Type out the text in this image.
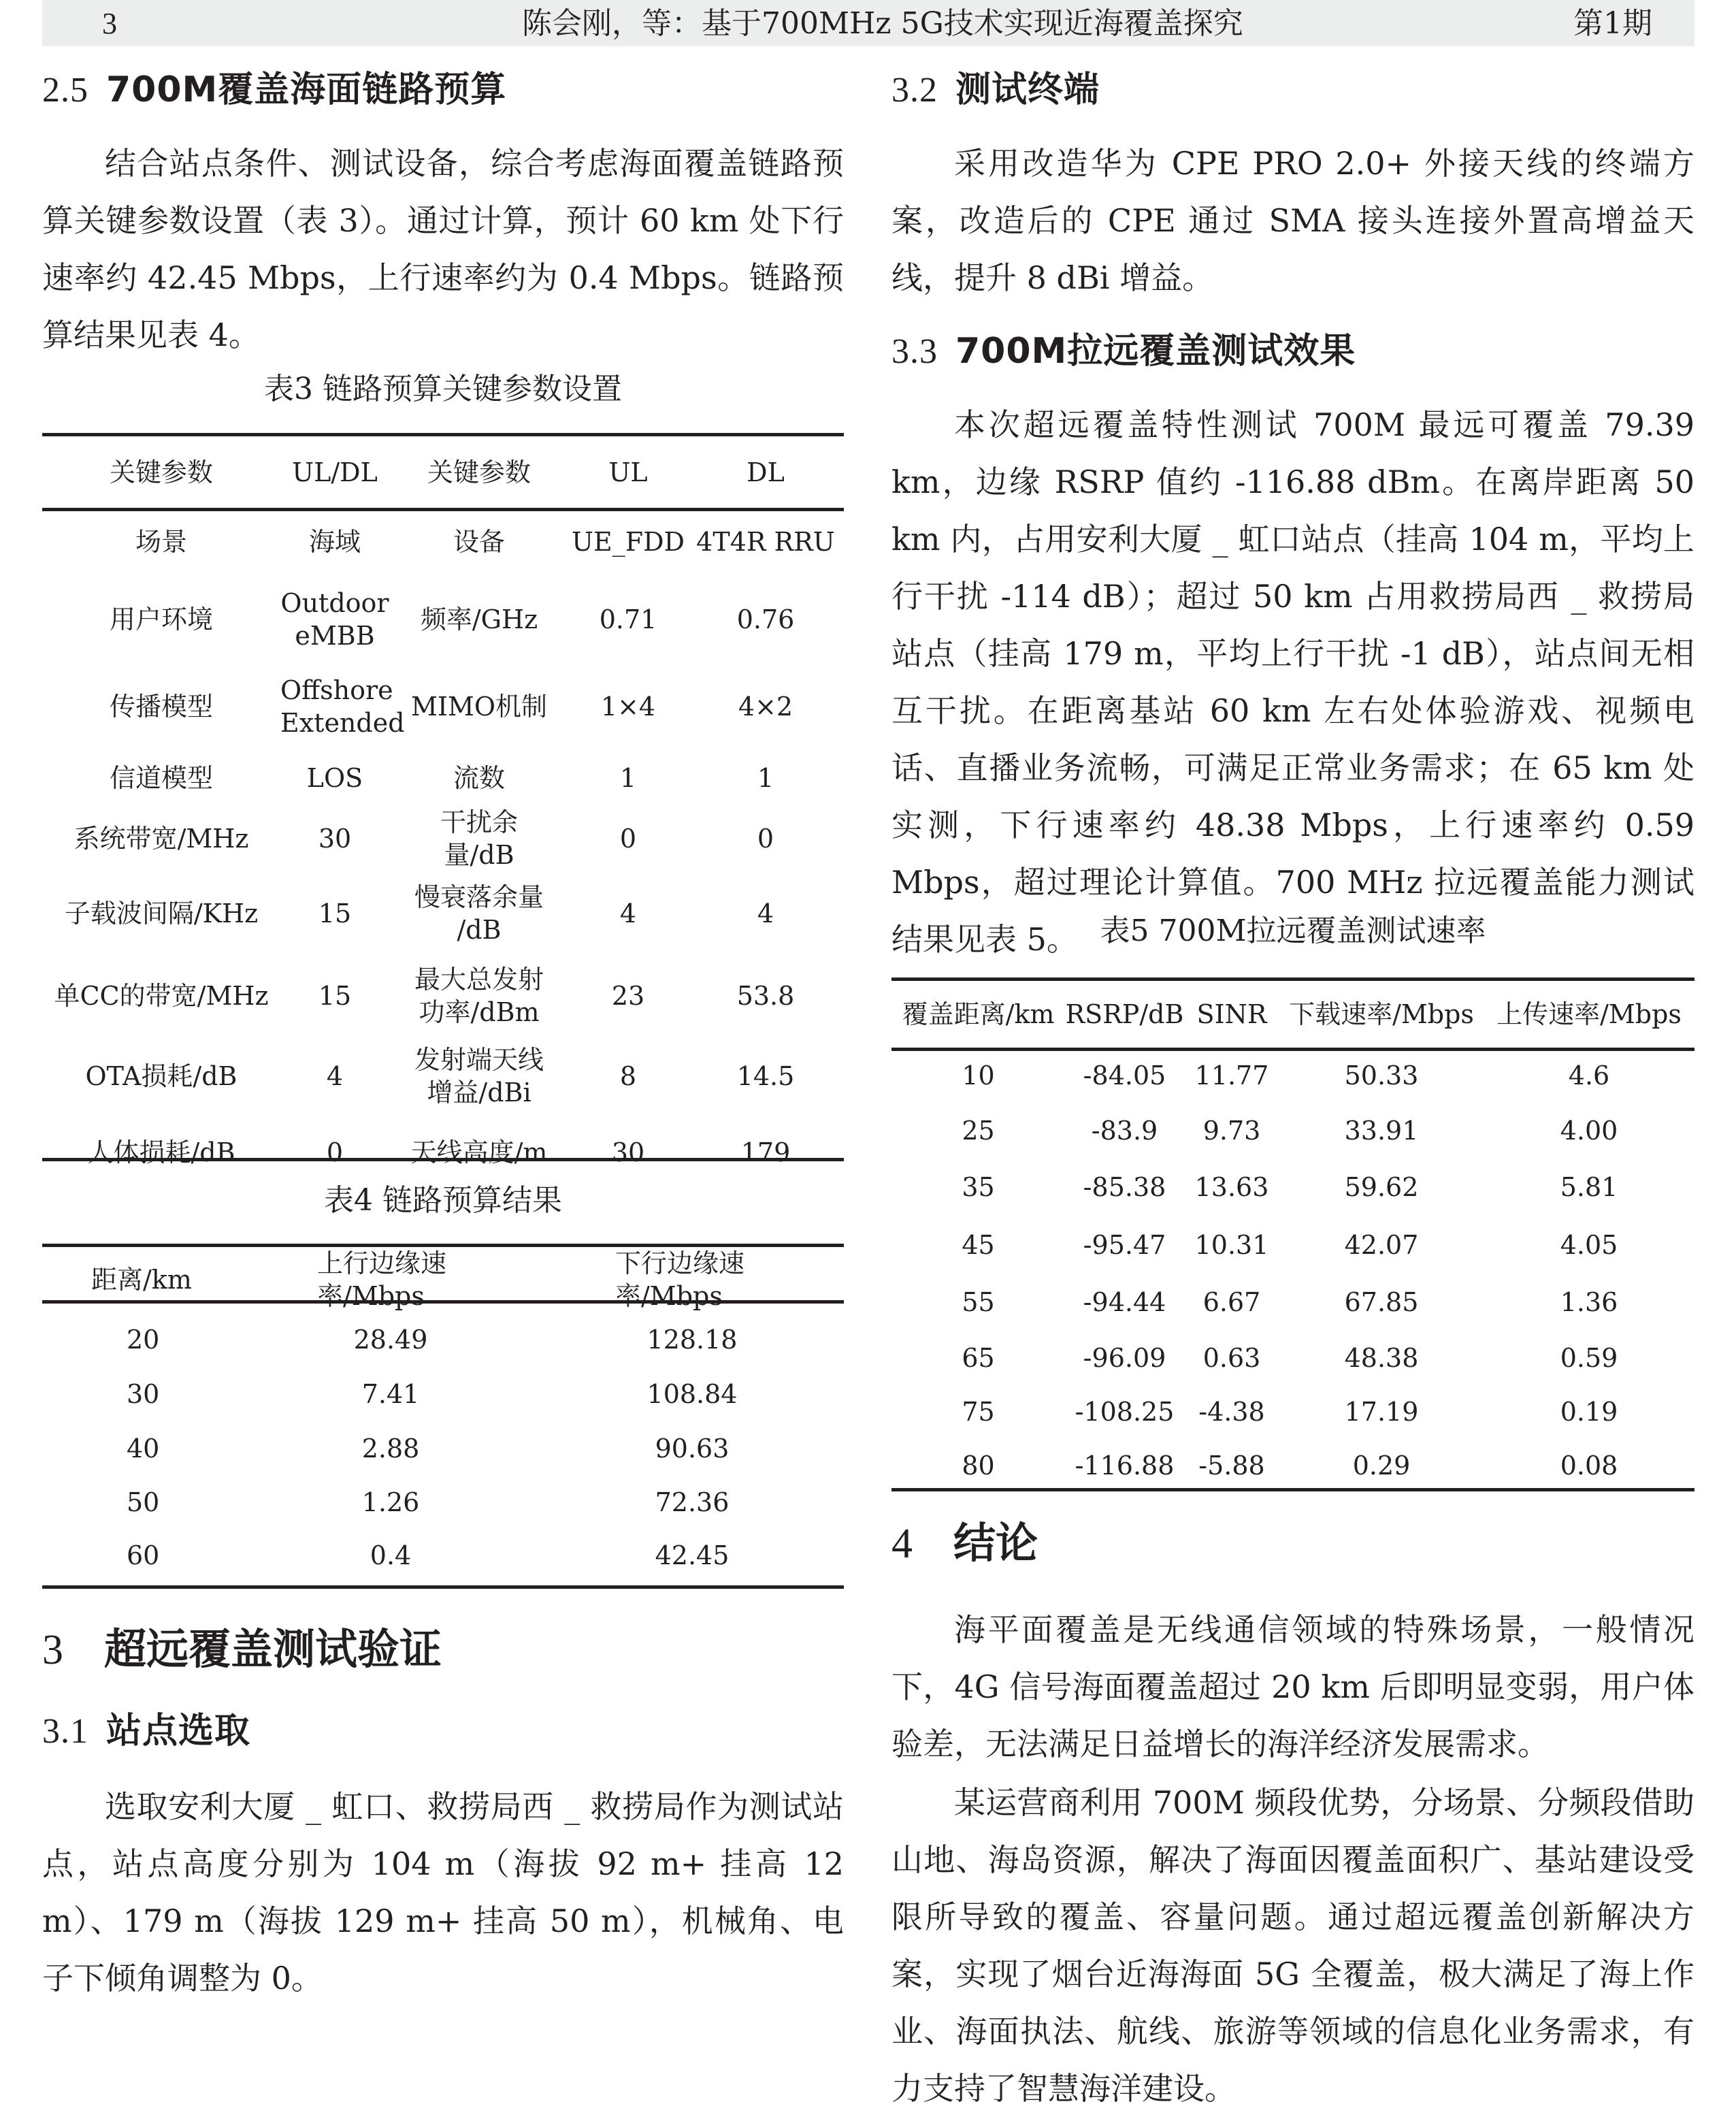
3	陈会刚，等：基于700MHz 5G技术实现近海覆盖探究	第1期
2.5 700M覆盖海面链路预算

结合站点条件、测试设备，综合考虑海面覆盖链路预算关键参数设置（表 3）。通过计算，预计 60 km 处下行速率约 42.45 Mbps，上行速率约为 0.4 Mbps。链路预算结果见表 4。

表3 链路预算关键参数设置
关键参数	UL/DL	关键参数	UL	DL
场景	海域	设备	UE_FDD	4T4R RRU
用户环境	Outdoor eMBB	频率/GHz	0.71	0.76
传播模型	Offshore Extended	MIMO机制	1×4	4×2
信道模型	LOS	流数	1	1
系统带宽/MHz	30	干扰余量/dB	0	0
子载波间隔/KHz	15	慢衰落余量 /dB	4	4
单CC的带宽/MHz	15	最大总发射 功率/dBm	23	53.8
OTA损耗/dB	4	发射端天线 增益/dBi	8	14.5
人体损耗/dB	0	天线高度/m	30	179
表4 链路预算结果
距离/km	上行边缘速率/Mbps	下行边缘速率/Mbps
20	28.49	128.18
30	7.41	108.84
40	2.88	90.63
50	1.26	72.36
60	0.4	42.45
3 超远覆盖测试验证
3.1 站点选取

选取安利大厦 _ 虹口、救捞局西 _ 救捞局作为测试站点，站点高度分别为 104 m（海拔 92 m+ 挂高 12 m）、179 m（海拔 129 m+ 挂高 50 m），机械角、电子下倾角调整为 0。

3.2 测试终端

采用改造华为 CPE PRO 2.0+ 外接天线的终端方案，改造后的 CPE 通过 SMA 接头连接外置高增益天线，提升 8 dBi 增益。

3.3 700M拉远覆盖测试效果

本次超远覆盖特性测试 700M 最远可覆盖 79.39 km，边缘 RSRP 值约 -116.88 dBm。在离岸距离 50 km 内，占用安利大厦 _ 虹口站点（挂高 104 m，平均上行干扰 -114 dB）；超过 50 km 占用救捞局西 _ 救捞局站点（挂高 179 m，平均上行干扰 -1 dB），站点间无相互干扰。在距离基站 60 km 左右处体验游戏、视频电话、直播业务流畅，可满足正常业务需求；在 65 km 处实测，下行速率约 48.38 Mbps，上行速率约 0.59 Mbps，超过理论计算值。700 MHz 拉远覆盖能力测试结果见表 5。 表5 700M拉远覆盖测试速率
覆盖距离/km	RSRP/dB	SINR	下载速率/Mbps	上传速率/Mbps
10	-84.05	11.77	50.33	4.6
25	-83.9	9.73	33.91	4.00
35	-85.38	13.63	59.62	5.81
45	-95.47	10.31	42.07	4.05
55	-94.44	6.67	67.85	1.36
65	-96.09	0.63	48.38	0.59
75	-108.25	-4.38	17.19	0.19
80	-116.88	-5.88	0.29	0.08
4 结论

海平面覆盖是无线通信领域的特殊场景，一般情况下，4G 信号海面覆盖超过 20 km 后即明显变弱，用户体验差，无法满足日益增长的海洋经济发展需求。

某运营商利用 700M 频段优势，分场景、分频段借助山地、海岛资源，解决了海面因覆盖面积广、基站建设受限所导致的覆盖、容量问题。通过超远覆盖创新解决方案，实现了烟台近海海面 5G 全覆盖，极大满足了海上作业、海面执法、航线、旅游等领域的信息化业务需求，有力支持了智慧海洋建设。
